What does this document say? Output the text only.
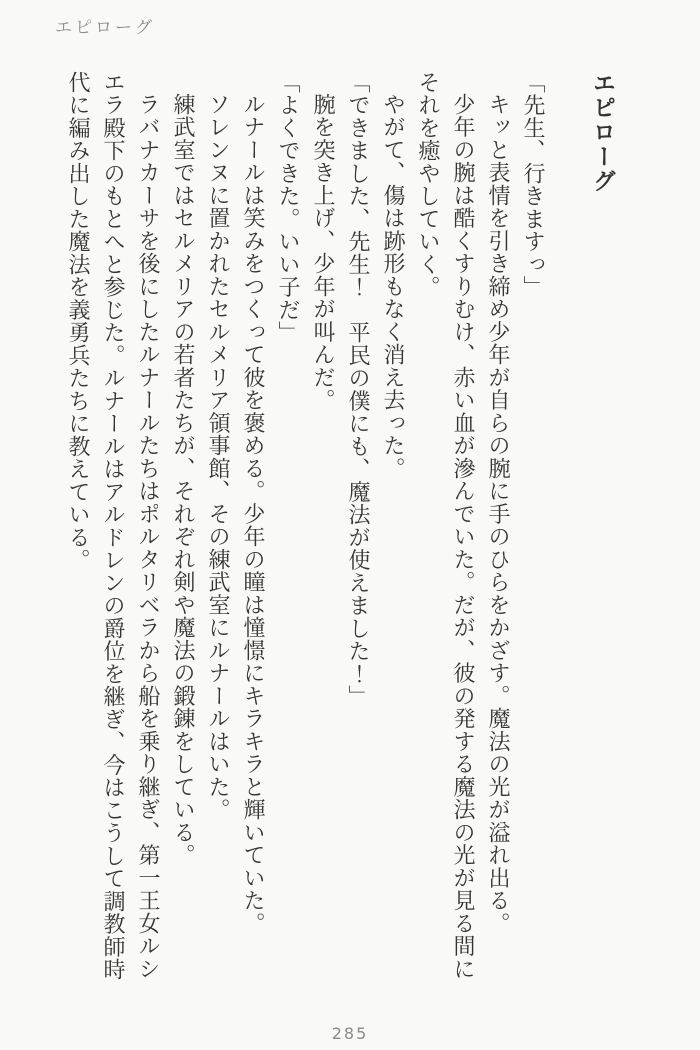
エピローグ
エピローグ

「先生、行きますっ」

キッと表情を引き締め少年が自らの腕に手のひらをかざす。魔法の光が溢れ出る。

少年の腕は酷くすりむけ、赤い血が滲んでいた。だが、彼の発する魔法の光が見る間にそれを癒やしていく。

やがて、傷は跡形もなく消え去った。

「できました、先生！　平民の僕にも、魔法が使えました！」

腕を突き上げ、少年が叫んだ。

「よくできた。いい子だ」

ルナールは笑みをつくって彼を褒める。少年の瞳は憧憬にキラキラと輝いていた。

ソレンヌに置かれたセルメリア領事館、その練武室にルナールはいた。

練武室ではセルメリアの若者たちが、それぞれ剣や魔法の鍛錬をしている。

ラバナカーサを後にしたルナールたちはポルタリベラから船を乗り継ぎ、第一王女ルシエラ殿下のもとへと参じた。ルナールはアルドレンの爵位を継ぎ、今はこうして調教師時代に編み出した魔法を義勇兵たちに教えている。

285
